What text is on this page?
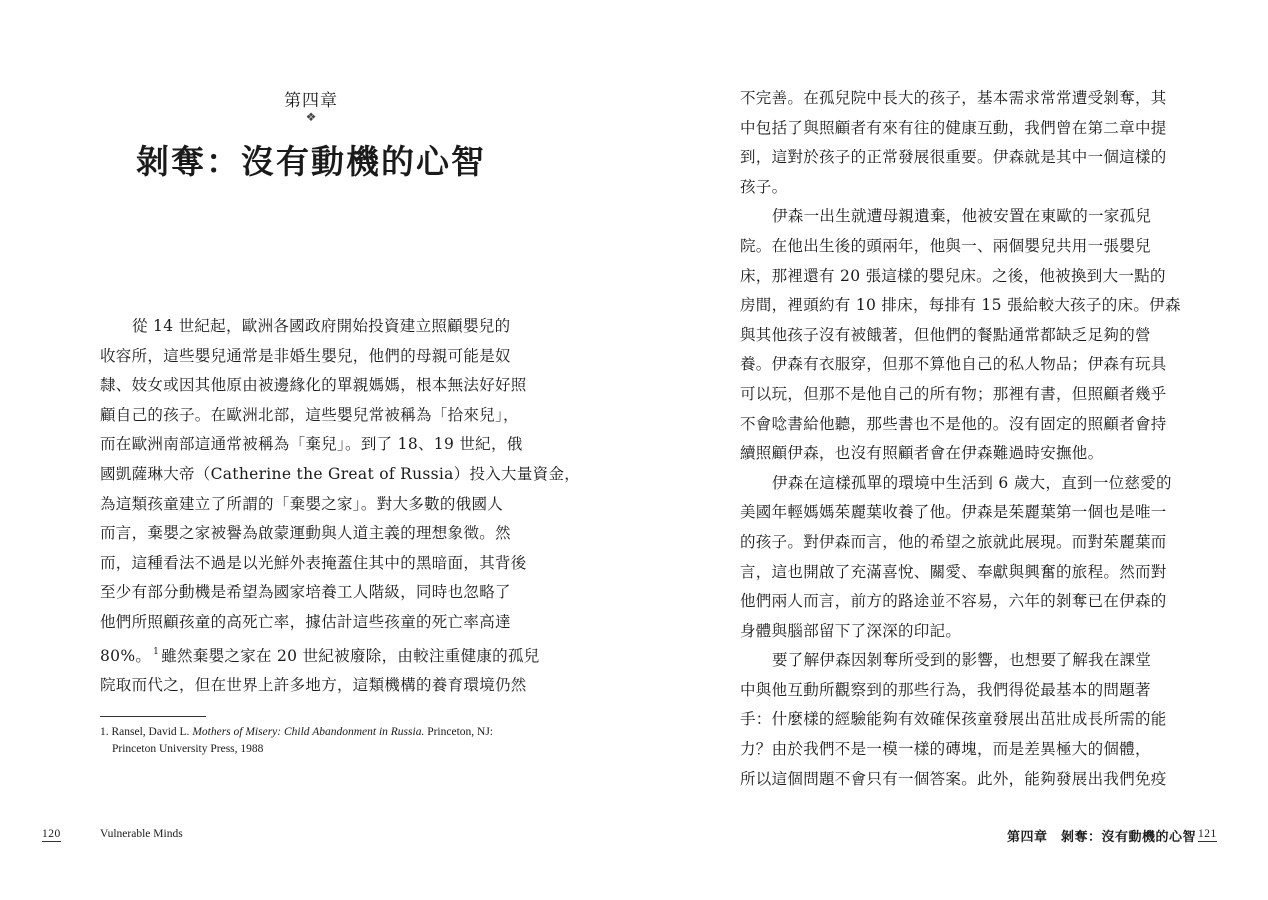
第四章
❖
剝奪：沒有動機的心智
從 14 世紀起，歐洲各國政府開始投資建立照顧嬰兒的
收容所，這些嬰兒通常是非婚生嬰兒，他們的母親可能是奴
隸、妓女或因其他原由被邊緣化的單親媽媽，根本無法好好照
顧自己的孩子。在歐洲北部，這些嬰兒常被稱為「拾來兒」，
而在歐洲南部這通常被稱為「棄兒」。到了 18、19 世紀，俄
國凱薩琳大帝（Catherine the Great of Russia）投入大量資金，
為這類孩童建立了所謂的「棄嬰之家」。對大多數的俄國人
而言，棄嬰之家被譽為啟蒙運動與人道主義的理想象徵。然
而，這種看法不過是以光鮮外表掩蓋住其中的黑暗面，其背後
至少有部分動機是希望為國家培養工人階級，同時也忽略了
他們所照顧孩童的高死亡率，據估計這些孩童的死亡率高達
80%。 $^1$ 雖然棄嬰之家在 20 世紀被廢除，由較注重健康的孤兒
院取而代之，但在世界上許多地方，這類機構的養育環境仍然
1. Ransel, David L. Mothers of Misery: Child Abandonment in Russia. Princeton, NJ:
Princeton University Press, 1988
120	Vulnerable Minds
不完善。在孤兒院中長大的孩子，基本需求常常遭受剝奪，其
中包括了與照顧者有來有往的健康互動，我們曾在第二章中提
到，這對於孩子的正常發展很重要。伊森就是其中一個這樣的
孩子。
伊森一出生就遭母親遺棄，他被安置在東歐的一家孤兒
院。在他出生後的頭兩年，他與一、兩個嬰兒共用一張嬰兒
床，那裡還有 20 張這樣的嬰兒床。之後，他被換到大一點的
房間，裡頭約有 10 排床，每排有 15 張給較大孩子的床。伊森
與其他孩子沒有被餓著，但他們的餐點通常都缺乏足夠的營
養。伊森有衣服穿，但那不算他自己的私人物品；伊森有玩具
可以玩，但那不是他自己的所有物；那裡有書，但照顧者幾乎
不會唸書給他聽，那些書也不是他的。沒有固定的照顧者會持
續照顧伊森，也沒有照顧者會在伊森難過時安撫他。
伊森在這樣孤單的環境中生活到 6 歲大，直到一位慈愛的
美國年輕媽媽茱麗葉收養了他。伊森是茱麗葉第一個也是唯一
的孩子。對伊森而言，他的希望之旅就此展現。而對茱麗葉而
言，這也開啟了充滿喜悅、關愛、奉獻與興奮的旅程。然而對
他們兩人而言，前方的路途並不容易，六年的剝奪已在伊森的
身體與腦部留下了深深的印記。
要了解伊森因剝奪所受到的影響，也想要了解我在課堂
中與他互動所觀察到的那些行為，我們得從最基本的問題著
手：什麼樣的經驗能夠有效確保孩童發展出茁壯成長所需的能
力？由於我們不是一模一樣的磚塊，而是差異極大的個體，
所以這個問題不會只有一個答案。此外，能夠發展出我們免疫
第四章　剝奪：沒有動機的心智 121
